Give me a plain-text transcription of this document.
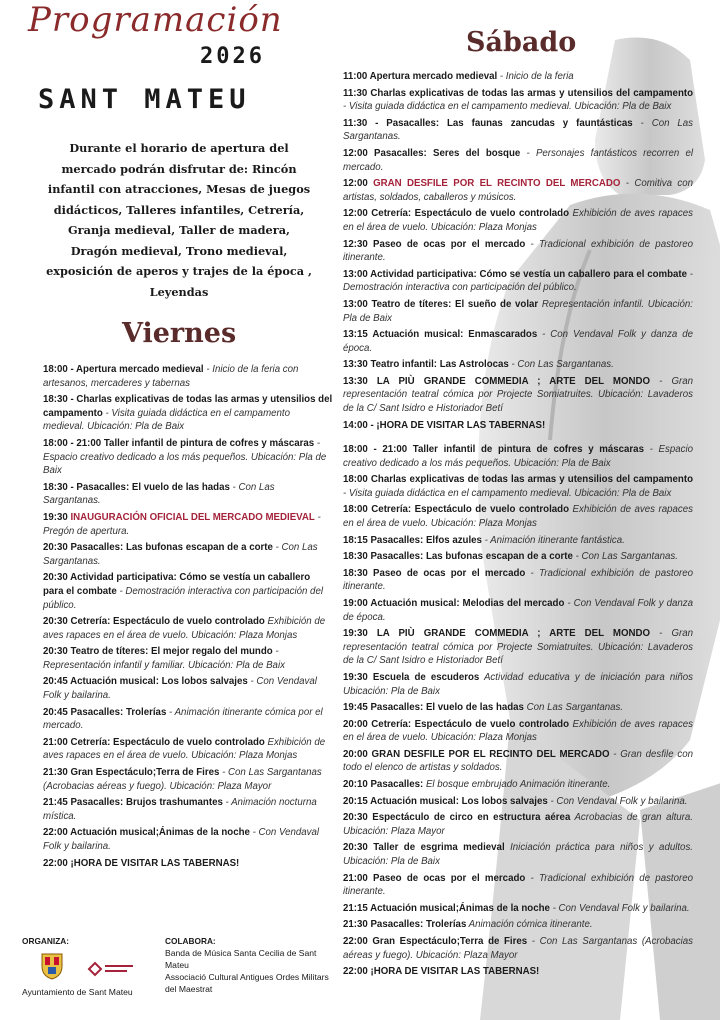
Programación
2026
SANT MATEU
Durante el horario de apertura del mercado podrán disfrutar de: Rincón infantil con atracciones, Mesas de juegos didácticos, Talleres infantiles, Cetrería, Granja medieval, Taller de madera, Dragón medieval, Trono medieval, exposición de aperos y trajes de la época , Leyendas
Viernes
18:00 - Apertura mercado medieval - Inicio de la feria con artesanos, mercaderes y tabernas
18:30 - Charlas explicativas de todas las armas y utensilios del campamento - Visita guiada didáctica en el campamento medieval. Ubicación: Pla de Baix
18:00 - 21:00 Taller infantil de pintura de cofres y máscaras - Espacio creativo dedicado a los más pequeños. Ubicación: Pla de Baix
18:30 - Pasacalles: El vuelo de las hadas - Con Las Sargantanas.
19:30 INAUGURACIÓN OFICIAL DEL MERCADO MEDIEVAL - Pregón de apertura.
20:30 Pasacalles: Las bufonas escapan de a corte - Con Las Sargantanas.
20:30 Actividad participativa: Cómo se vestía un caballero para el combate - Demostración interactiva con participación del público.
20:30 Cetrería: Espectáculo de vuelo controlado Exhibición de aves rapaces en el área de vuelo. Ubicación: Plaza Monjas
20:30 Teatro de títeres: El mejor regalo del mundo - Representación infantil y familiar. Ubicación: Pla de Baix
20:45 Actuación musical: Los lobos salvajes - Con Vendaval Folk y bailarina.
20:45 Pasacalles: Trolerías - Animación itinerante cómica por el mercado.
21:00 Cetrería: Espectáculo de vuelo controlado Exhibición de aves rapaces en el área de vuelo. Ubicación: Plaza Monjas
21:30 Gran Espectáculo;Terra de Fires - Con Las Sargantanas (Acrobacias aéreas y fuego). Ubicación: Plaza Mayor
21:45 Pasacalles: Brujos trashumantes - Animación nocturna mística.
22:00 Actuación musical;Ánimas de la noche - Con Vendaval Folk y bailarina.
22:00 ¡HORA DE VISITAR LAS TABERNAS!
Sábado
11:00 Apertura mercado medieval - Inicio de la feria
11:30 Charlas explicativas de todas las armas y utensilios del campamento - Visita guiada didáctica en el campamento medieval. Ubicación: Pla de Baix
11:30 - Pasacalles: Las faunas zancudas y fauntásticas - Con Las Sargantanas.
12:00 Pasacalles: Seres del bosque - Personajes fantásticos recorren el mercado.
12:00 GRAN DESFILE POR EL RECINTO DEL MERCADO - Comitiva con artistas, soldados, caballeros y músicos.
12:00 Cetrería: Espectáculo de vuelo controlado Exhibición de aves rapaces en el área de vuelo. Ubicación: Plaza Monjas
12:30 Paseo de ocas por el mercado - Tradicional exhibición de pastoreo itinerante.
13:00 Actividad participativa: Cómo se vestía un caballero para el combate - Demostración interactiva con participación del público.
13:00 Teatro de títeres: El sueño de volar Representación infantil. Ubicación: Pla de Baix
13:15 Actuación musical: Enmascarados - Con Vendaval Folk y danza de época.
13:30 Teatro infantil: Las Astrolocas - Con Las Sargantanas.
13:30 LA PIÙ GRANDE COMMEDIA ; ARTE DEL MONDO - Gran representación teatral cómica por Projecte Somiatruites. Ubicación: Lavaderos de la C/ Sant Isidro e Historiador Betí
14:00 - ¡HORA DE VISITAR LAS TABERNAS!
18:00 - 21:00 Taller infantil de pintura de cofres y máscaras - Espacio creativo dedicado a los más pequeños. Ubicación: Pla de Baix
18:00 Charlas explicativas de todas las armas y utensilios del campamento - Visita guiada didáctica en el campamento medieval. Ubicación: Pla de Baix
18:00 Cetrería: Espectáculo de vuelo controlado Exhibición de aves rapaces en el área de vuelo. Ubicación: Plaza Monjas
18:15 Pasacalles: Elfos azules - Animación itinerante fantástica.
18:30 Pasacalles: Las bufonas escapan de a corte - Con Las Sargantanas.
18:30 Paseo de ocas por el mercado - Tradicional exhibición de pastoreo itinerante.
19:00 Actuación musical: Melodias del mercado - Con Vendaval Folk y danza de época.
19:30 LA PIÙ GRANDE COMMEDIA ; ARTE DEL MONDO - Gran representación teatral cómica por Projecte Somiatruites. Ubicación: Lavaderos de la C/ Sant Isidro e Historiador Betí
19:30 Escuela de escuderos Actividad educativa y de iniciación para niños Ubicación: Pla de Baix
19:45 Pasacalles: El vuelo de las hadas Con Las Sargantanas.
20:00 Cetrería: Espectáculo de vuelo controlado Exhibición de aves rapaces en el área de vuelo. Ubicación: Plaza Monjas
20:00 GRAN DESFILE POR EL RECINTO DEL MERCADO - Gran desfile con todo el elenco de artistas y soldados.
20:10 Pasacalles: El bosque embrujado Animación itinerante.
20:15 Actuación musical: Los lobos salvajes - Con Vendaval Folk y bailarina.
20:30 Espectáculo de circo en estructura aérea Acrobacias de gran altura. Ubicación: Plaza Mayor
20:30 Taller de esgrima medieval Iniciación práctica para niños y adultos. Ubicación: Pla de Baix
21:00 Paseo de ocas por el mercado - Tradicional exhibición de pastoreo itinerante.
21:15 Actuación musical;Ánimas de la noche - Con Vendaval Folk y bailarina.
21:30 Pasacalles: Trolerías Animación cómica itinerante.
22:00 Gran Espectáculo;Terra de Fires - Con Las Sargantanas (Acrobacias aéreas y fuego). Ubicación: Plaza Mayor
22:00 ¡HORA DE VISITAR LAS TABERNAS!
ORGANIZA:
Ayuntamiento de Sant Mateu
COLABORA:
Banda de Música Santa Cecilia de Sant Mateu
Associació Cultural Antigues Ordes Militars del Maestrat
